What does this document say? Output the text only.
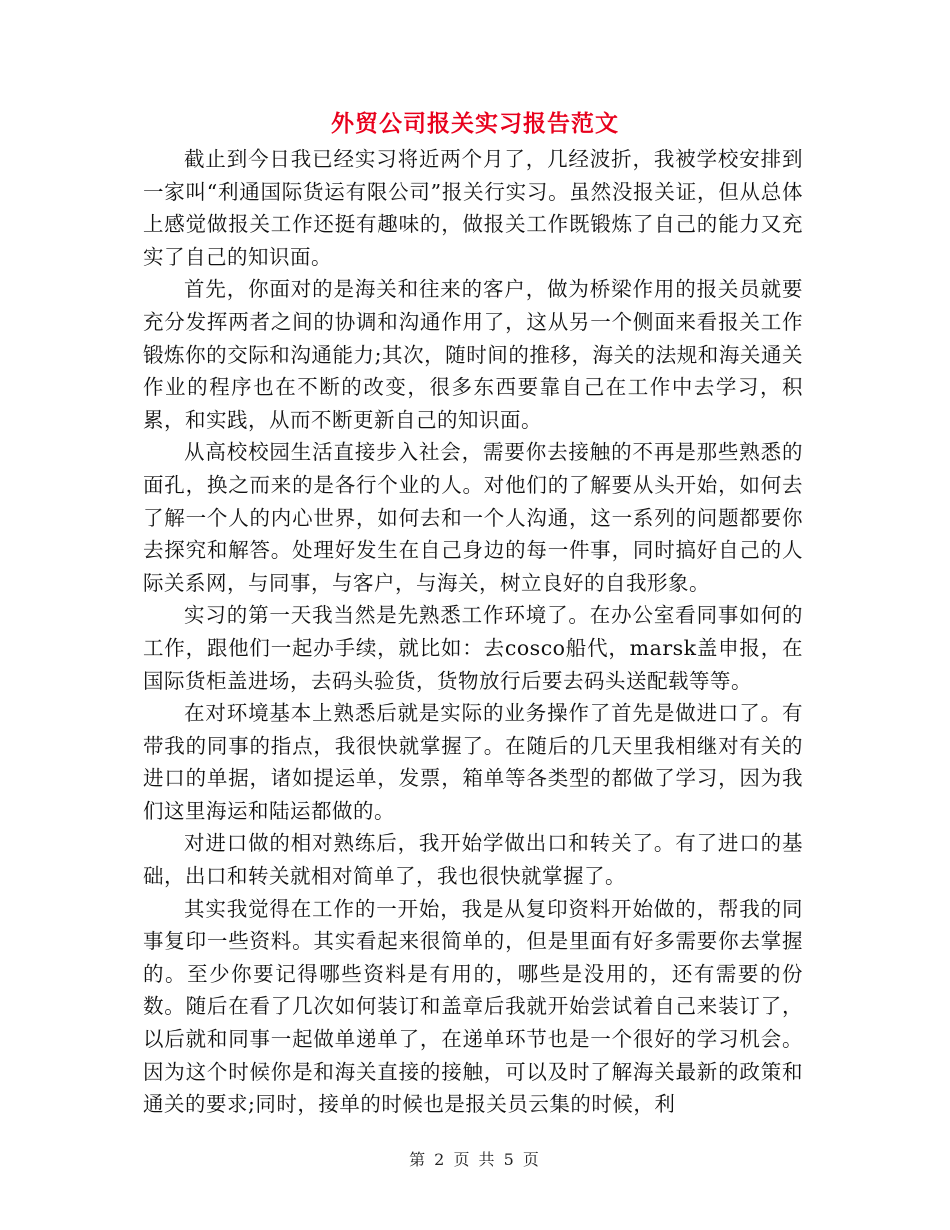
外贸公司报关实习报告范文

截止到今日我已经实习将近两个月了，几经波折，我被学校安排到一家叫“利通国际货运有限公司”报关行实习。虽然没报关证，但从总体上感觉做报关工作还挺有趣味的，做报关工作既锻炼了自己的能力又充实了自己的知识面。

首先，你面对的是海关和往来的客户，做为桥梁作用的报关员就要充分发挥两者之间的协调和沟通作用了，这从另一个侧面来看报关工作锻炼你的交际和沟通能力;其次，随时间的推移，海关的法规和海关通关作业的程序也在不断的改变，很多东西要靠自己在工作中去学习，积累，和实践，从而不断更新自己的知识面。

从高校校园生活直接步入社会，需要你去接触的不再是那些熟悉的面孔，换之而来的是各行个业的人。对他们的了解要从头开始，如何去了解一个人的内心世界，如何去和一个人沟通，这一系列的问题都要你去探究和解答。处理好发生在自己身边的每一件事，同时搞好自己的人际关系网，与同事，与客户，与海关，树立良好的自我形象。

实习的第一天我当然是先熟悉工作环境了。在办公室看同事如何的工作，跟他们一起办手续，就比如：去cosco船代，marsk盖申报，在国际货柜盖进场，去码头验货，货物放行后要去码头送配载等等。

在对环境基本上熟悉后就是实际的业务操作了首先是做进口了。有带我的同事的指点，我很快就掌握了。在随后的几天里我相继对有关的进口的单据，诸如提运单，发票，箱单等各类型的都做了学习，因为我们这里海运和陆运都做的。

对进口做的相对熟练后，我开始学做出口和转关了。有了进口的基础，出口和转关就相对简单了，我也很快就掌握了。

其实我觉得在工作的一开始，我是从复印资料开始做的，帮我的同事复印一些资料。其实看起来很简单的，但是里面有好多需要你去掌握的。至少你要记得哪些资料是有用的，哪些是没用的，还有需要的份数。随后在看了几次如何装订和盖章后我就开始尝试着自己来装订了，以后就和同事一起做单递单了，在递单环节也是一个很好的学习机会。因为这个时候你是和海关直接的接触，可以及时了解海关最新的政策和通关的要求;同时，接单的时候也是报关员云集的时候，利

第 2 页 共 5 页
